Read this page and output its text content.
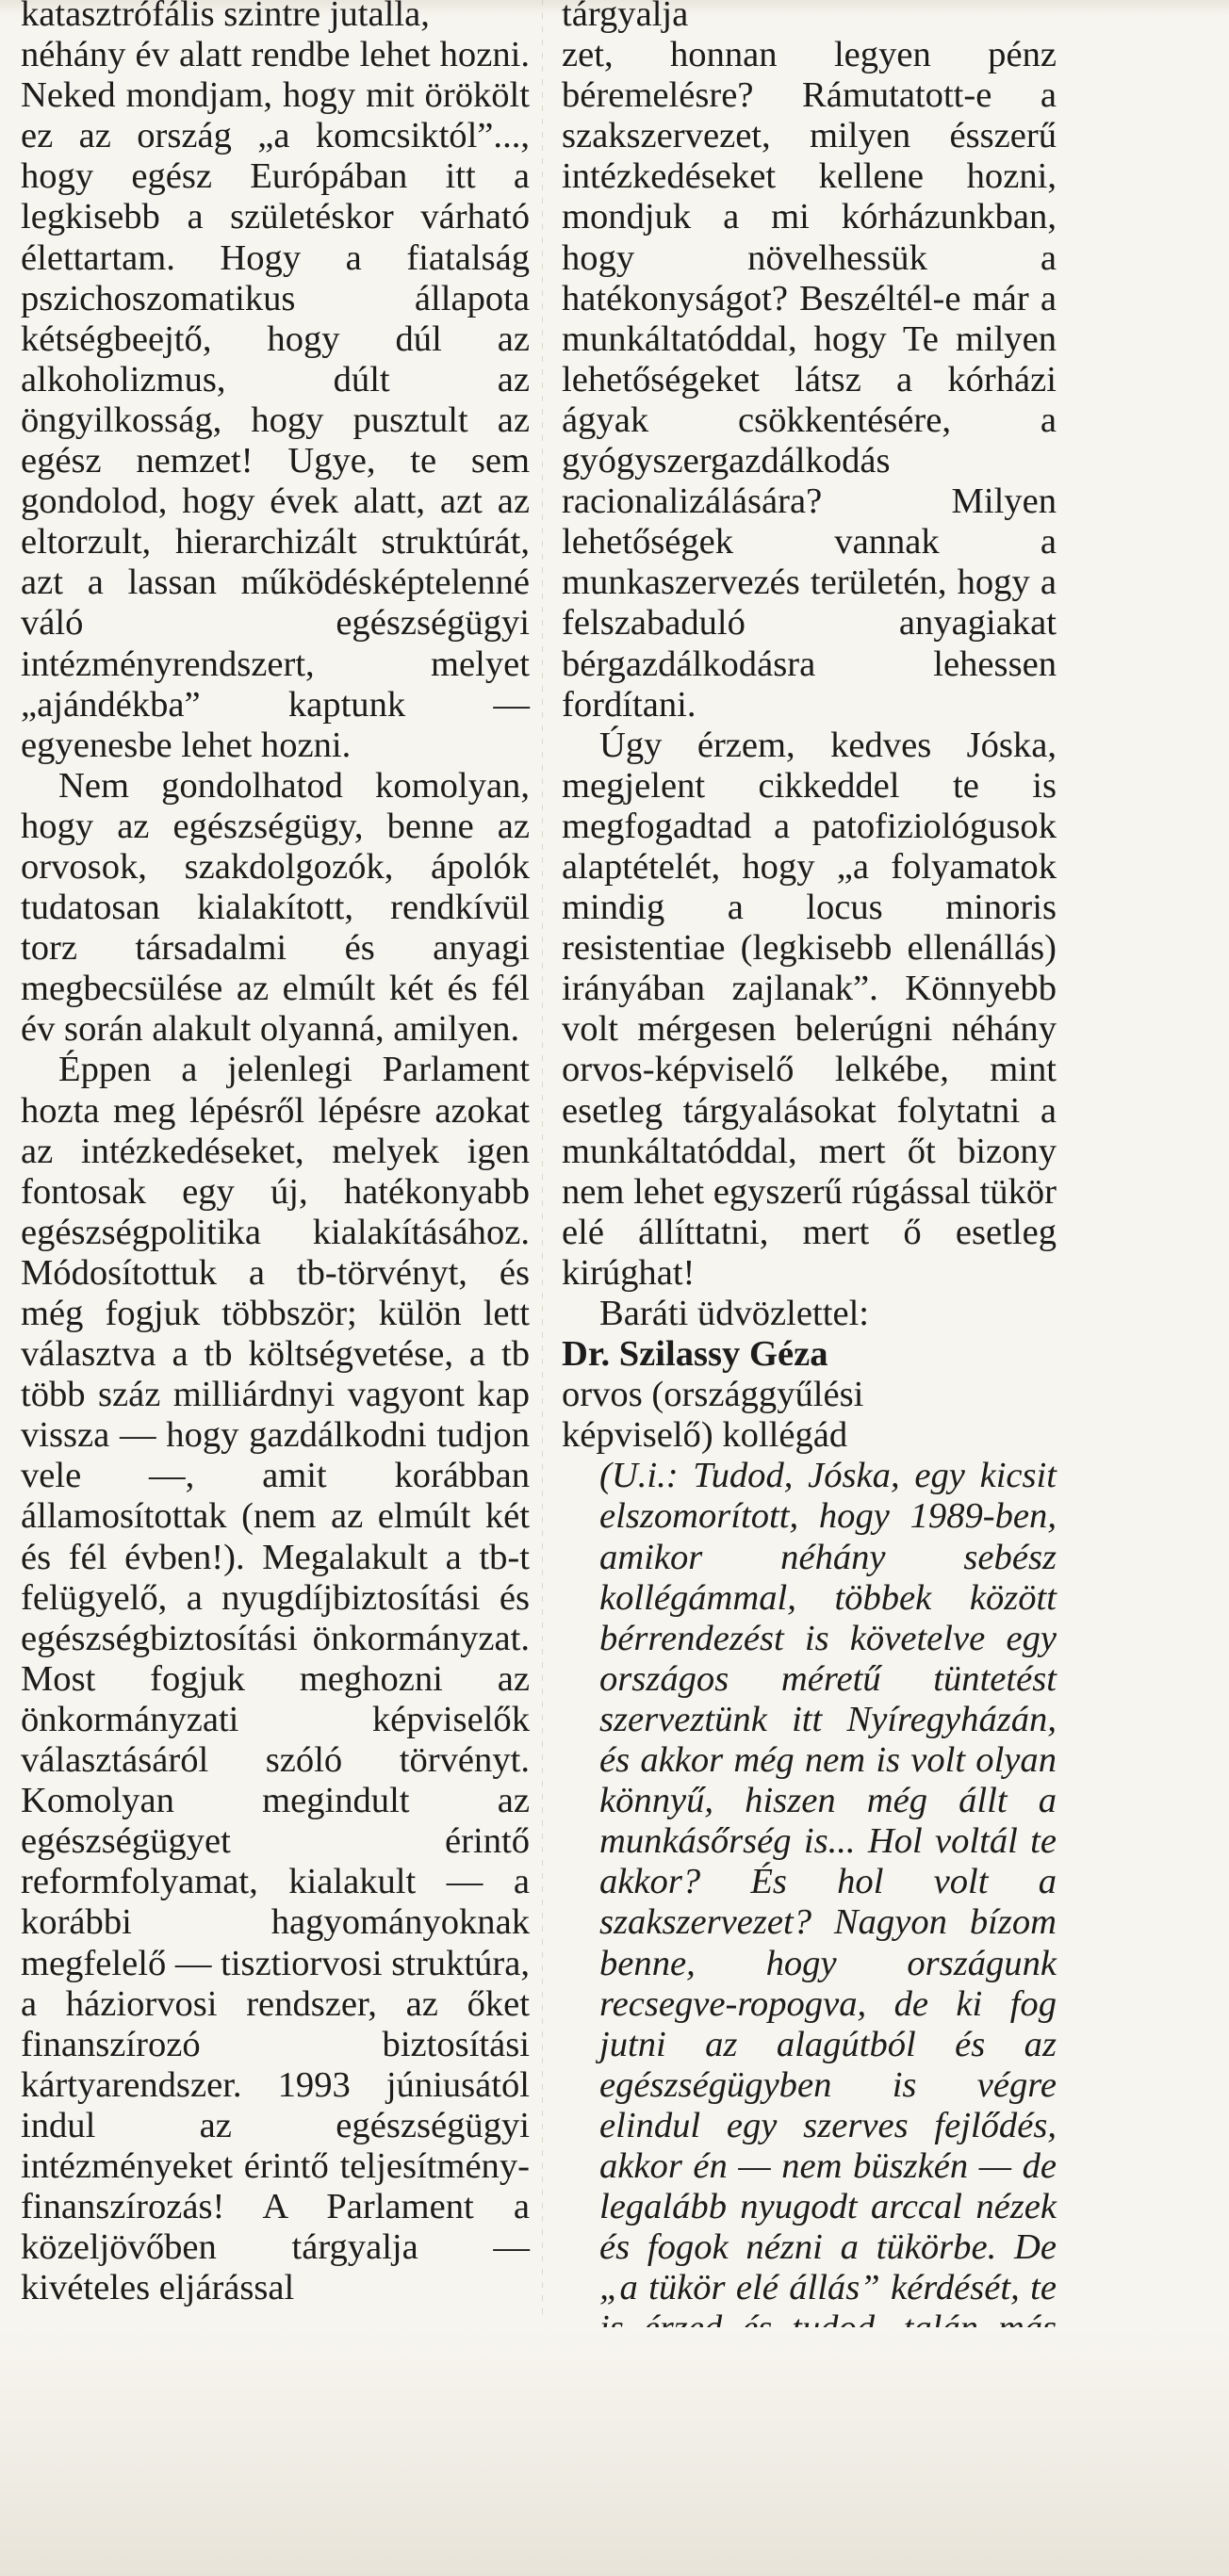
katasztrófális szintre jutalla,

néhány év alatt rendbe lehet hozni. Neked mondjam, hogy mit örökölt ez az ország „a komcsiktól”..., hogy egész Európában itt a legkisebb a születéskor várható élettartam. Hogy a fiatalság pszichoszomatikus állapota kétségbeejtő, hogy dúl az alkoholizmus, dúlt az öngyilkosság, hogy pusztult az egész nemzet! Ugye, te sem gondolod, hogy évek alatt, azt az eltorzult, hierarchizált struktúrát, azt a lassan működésképtelenné váló egészségügyi intézményrendszert, melyet „ajándékba” kaptunk — egyenesbe lehet hozni.

Nem gondolhatod komolyan, hogy az egészségügy, benne az orvosok, szakdolgozók, ápolók tudatosan kialakított, rendkívül torz társadalmi és anyagi megbecsülése az elmúlt két és fél év során alakult olyanná, amilyen.

Éppen a jelenlegi Parlament hozta meg lépésről lépésre azokat az intézkedéseket, melyek igen fontosak egy új, hatékonyabb egészségpolitika kialakításához. Módosítottuk a tb-törvényt, és még fogjuk többször; külön lett választva a tb költségvetése, a tb több száz milliárdnyi vagyont kap vissza — hogy gazdálkodni tudjon vele —, amit korábban államosítottak (nem az elmúlt két és fél évben!). Megalakult a tb-t felügyelő, a nyugdíjbiztosítási és egészségbiztosítási önkormányzat. Most fogjuk meghozni az önkormányzati képviselők választásáról szóló törvényt. Komolyan megindult az egészségügyet érintő reformfolyamat, kialakult — a korábbi hagyományoknak megfelelő — tisztiorvosi struktúra, a háziorvosi rendszer, az őket finanszírozó biztosítási kártyarendszer. 1993 júniusától indul az egészségügyi intézményeket érintő teljesítmény-finanszírozás! A Parlament a közeljövőben tárgyalja — kivételes eljárással

tárgyalja

zet, honnan legyen pénz béremelésre? Rámutatott-e a szakszervezet, milyen ésszerű intézkedéseket kellene hozni, mondjuk a mi kórházunkban, hogy növelhessük a hatékonyságot? Beszéltél-e már a munkáltatóddal, hogy Te milyen lehetőségeket látsz a kórházi ágyak csökkentésére, a gyógyszergazdálkodás racionalizálására? Milyen lehetőségek vannak a munkaszervezés területén, hogy a felszabaduló anyagiakat bérgazdálkodásra lehessen fordítani.

Úgy érzem, kedves Jóska, megjelent cikkeddel te is megfogadtad a patofiziológusok alaptételét, hogy „a folyamatok mindig a locus minoris resistentiae (legkisebb ellenállás) irányában zajlanak”. Könnyebb volt mérgesen belerúgni néhány orvos-képviselő lelkébe, mint esetleg tárgyalásokat folytatni a munkáltatóddal, mert őt bizony nem lehet egyszerű rúgással tükör elé állíttatni, mert ő esetleg kirúghat!

Baráti üdvözlettel:

Dr. Szilassy Géza

orvos (országgyűlési

képviselő) kollégád

(U.i.: Tudod, Jóska, egy kicsit elszomorított, hogy 1989-ben, amikor néhány sebész kollégámmal, többek között bérrendezést is követelve egy országos méretű tüntetést szerveztünk itt Nyíregyházán, és akkor még nem is volt olyan könnyű, hiszen még állt a munkásőrség is... Hol voltál te akkor? És hol volt a szakszervezet? Nagyon bízom benne, hogy országunk recsegve-ropogva, de ki fog jutni az alagútból és az egészségügyben is végre elindul egy szerves fejlődés, akkor én — nem büszkén — de legalább nyugodt arccal nézek és fogok nézni a tükörbe. De „a tükör elé állás” kérdését, te
